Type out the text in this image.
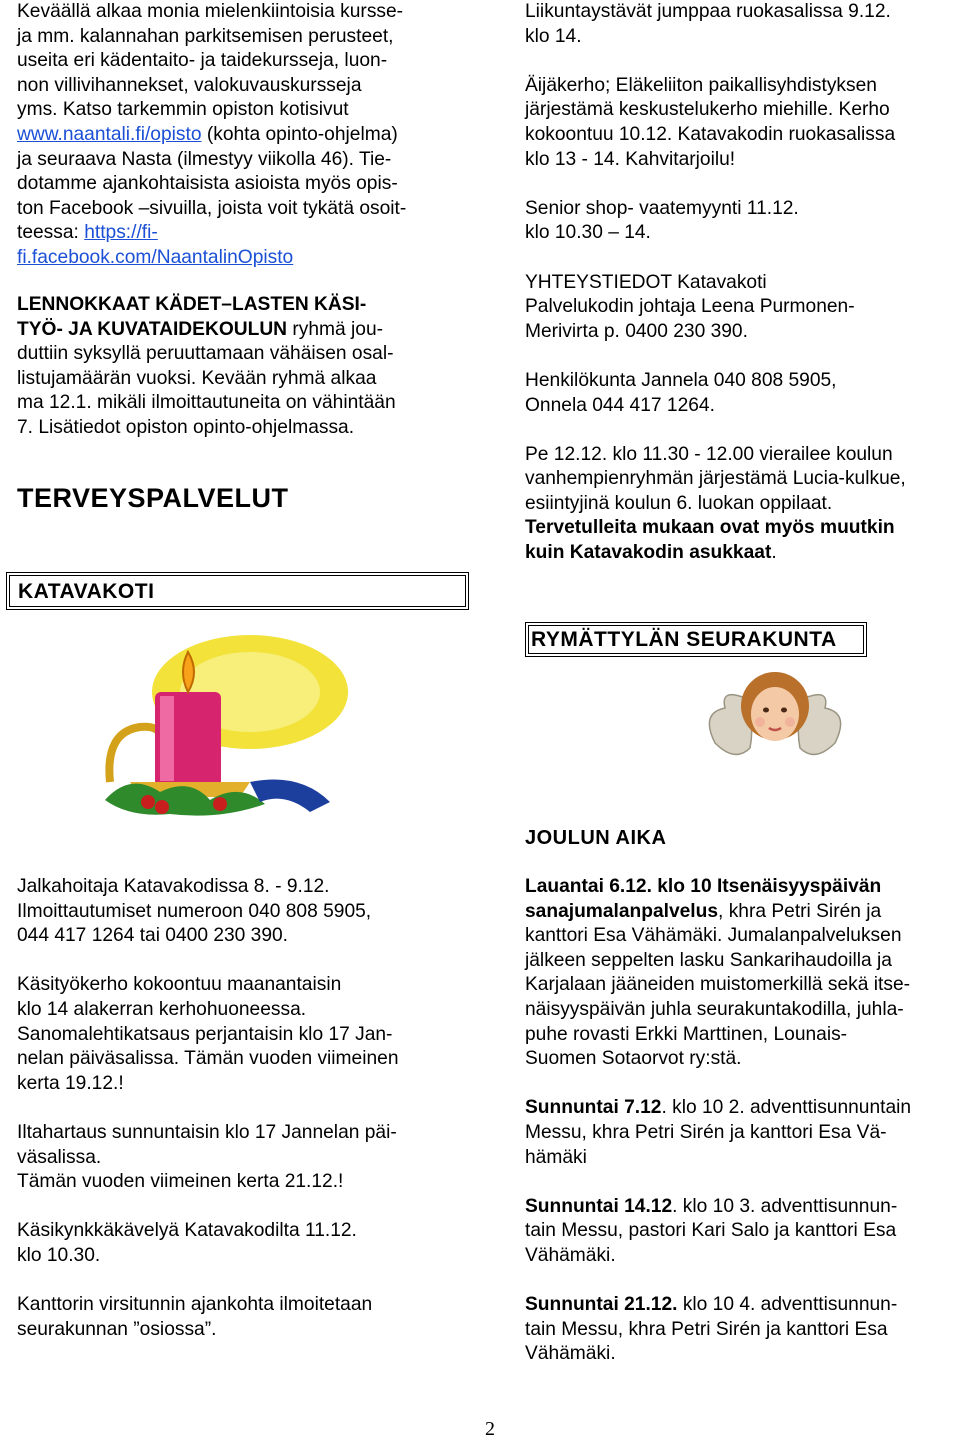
Keväällä alkaa monia mielenkiintoisia kursse-

ja mm. kalannahan parkitsemisen perusteet,

useita eri kädentaito- ja taidekursseja, luon-

non villivihannekset, valokuvauskursseja

yms. Katso tarkemmin opiston kotisivut

www.naantali.fi/opisto (kohta opinto-ohjelma)

ja seuraava Nasta (ilmestyy viikolla 46). Tie-

dotamme ajankohtaisista asioista myös opis-

ton Facebook –sivuilla, joista voit tykätä osoit-

teessa: https://fi-

fi.facebook.com/NaantalinOpisto

LENNOKKAAT KÄDET–LASTEN KÄSI-

TYÖ- JA KUVATAIDEKOULUN ryhmä jou-

duttiin syksyllä peruuttamaan vähäisen osal-

listujamäärän vuoksi. Kevään ryhmä alkaa

ma 12.1. mikäli ilmoittautuneita on vähintään

7. Lisätiedot opiston opinto-ohjelmassa.

TERVEYSPALVELUT

Jalkahoitaja Katavakodissa 8. - 9.12.

Ilmoittautumiset numeroon 040 808 5905,

044 417 1264 tai 0400 230 390.

Käsityökerho kokoontuu maanantaisin

klo 14 alakerran kerhohuoneessa.

Sanomalehtikatsaus perjantaisin klo 17 Jan-

nelan päiväsalissa. Tämän vuoden viimeinen

kerta 19.12.!

Iltahartaus sunnuntaisin klo 17 Jannelan päi-

väsalissa.

Tämän vuoden viimeinen kerta 21.12.!

Käsikynkkäkävelyä Katavakodilta 11.12.

klo 10.30.

Kanttorin virsitunnin ajankohta ilmoitetaan

seurakunnan ”osiossa”.

KATAVAKOTI

Liikuntaystävät jumppaa ruokasalissa 9.12.

klo 14.

Äijäkerho; Eläkeliiton paikallisyhdistyksen

järjestämä keskustelukerho miehille. Kerho

kokoontuu 10.12. Katavakodin ruokasalissa

klo 13 - 14. Kahvitarjoilu!

Senior shop- vaatemyynti 11.12.

klo 10.30 – 14.

YHTEYSTIEDOT Katavakoti

Palvelukodin johtaja Leena Purmonen-

Merivirta p. 0400 230 390.

Henkilökunta Jannela 040 808 5905,

Onnela 044 417 1264.

Pe 12.12. klo 11.30 - 12.00 vierailee koulun

vanhempienryhmän järjestämä Lucia-kulkue,

esiintyjinä koulun 6. luokan oppilaat.

Tervetulleita mukaan ovat myös muutkin

kuin Katavakodin asukkaat.

JOULUN AIKA

Lauantai 6.12. klo 10 Itsenäisyyspäivän

sanajumalanpalvelus, khra Petri Sirén ja

kanttori Esa Vähämäki. Jumalanpalveluksen

jälkeen seppelten lasku Sankarihaudoilla ja

Karjalaan jääneiden muistomerkillä sekä itse-

näisyyspäivän juhla seurakuntakodilla, juhla-

puhe rovasti Erkki Marttinen, Lounais-

Suomen Sotaorvot ry:stä.

Sunnuntai 7.12. klo 10 2. adventtisunnuntain

Messu, khra Petri Sirén ja kanttori Esa Vä-

hämäki

Sunnuntai 14.12. klo 10 3. adventtisunnun-

tain Messu, pastori Kari Salo ja kanttori Esa

Vähämäki.

Sunnuntai 21.12. klo 10 4. adventtisunnun-

tain Messu, khra Petri Sirén ja kanttori Esa

Vähämäki.

RYMÄTTYLÄN SEURAKUNTA
2
